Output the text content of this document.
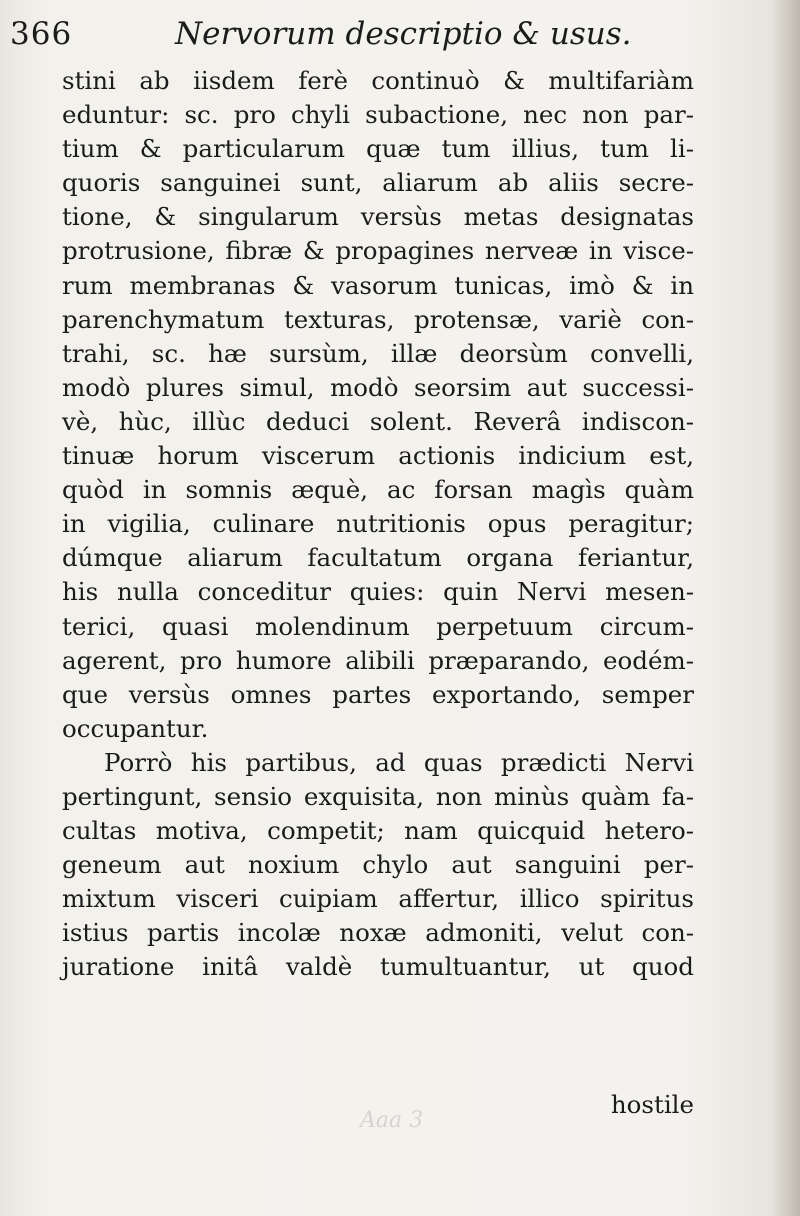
366	Nervorum descriptio & usus.
stini ab iisdem ferè continuò & multifariàm
eduntur: sc. pro chyli subactione, nec non par-
tium & particularum quæ tum illius, tum li-
quoris sanguinei sunt, aliarum ab aliis secre-
tione, & singularum versùs metas designatas
protrusione, fibræ & propagines nerveæ in visce-
rum membranas & vasorum tunicas, imò & in
parenchymatum texturas, protensæ, variè con-
trahi, sc. hæ sursùm, illæ deorsùm convelli,
modò plures simul, modò seorsim aut successi-
vè, hùc, illùc deduci solent. Reverâ indiscon-
tinuæ horum viscerum actionis indicium est,
quòd in somnis æquè, ac forsan magìs quàm
in vigilia, culinare nutritionis opus peragitur;
dúmque aliarum facultatum organa feriantur,
his nulla conceditur quies: quin Nervi mesen-
terici, quasi molendinum perpetuum circum-
agerent, pro humore alibili præparando, eodém-
que versùs omnes partes exportando, semper
occupantur.
Porrò his partibus, ad quas prædicti Nervi
pertingunt, sensio exquisita, non minùs quàm fa-
cultas motiva, competit; nam quicquid hetero-
geneum aut noxium chylo aut sanguini per-
mixtum visceri cuipiam affertur, illico spiritus
istius partis incolæ noxæ admoniti, velut con-
juratione initâ valdè tumultuantur, ut quod
hostile
Aaa 3
